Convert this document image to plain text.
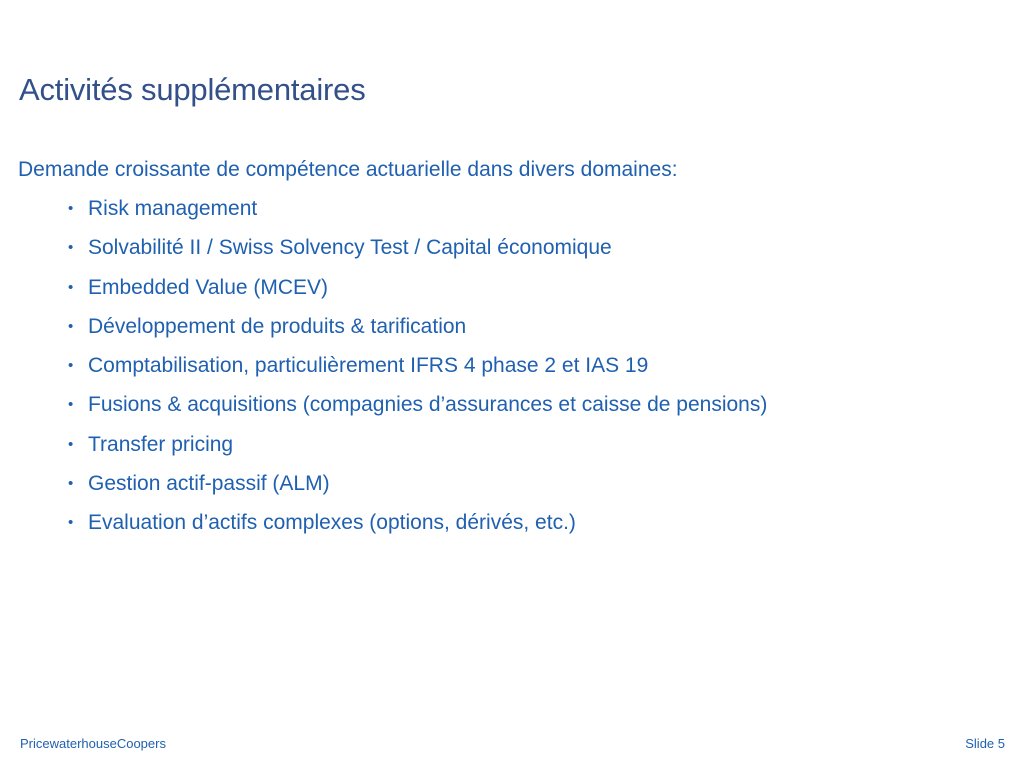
Activités supplémentaires
Demande croissante de compétence actuarielle dans divers domaines:
• Risk management
• Solvabilité II / Swiss Solvency Test / Capital économique
• Embedded Value (MCEV)
• Développement de produits & tarification
• Comptabilisation, particulièrement IFRS 4 phase 2 et IAS 19
• Fusions & acquisitions (compagnies d’assurances et caisse de pensions)
• Transfer pricing
• Gestion actif-passif (ALM)
• Evaluation d’actifs complexes (options, dérivés, etc.)
PricewaterhouseCoopers	Slide 5
